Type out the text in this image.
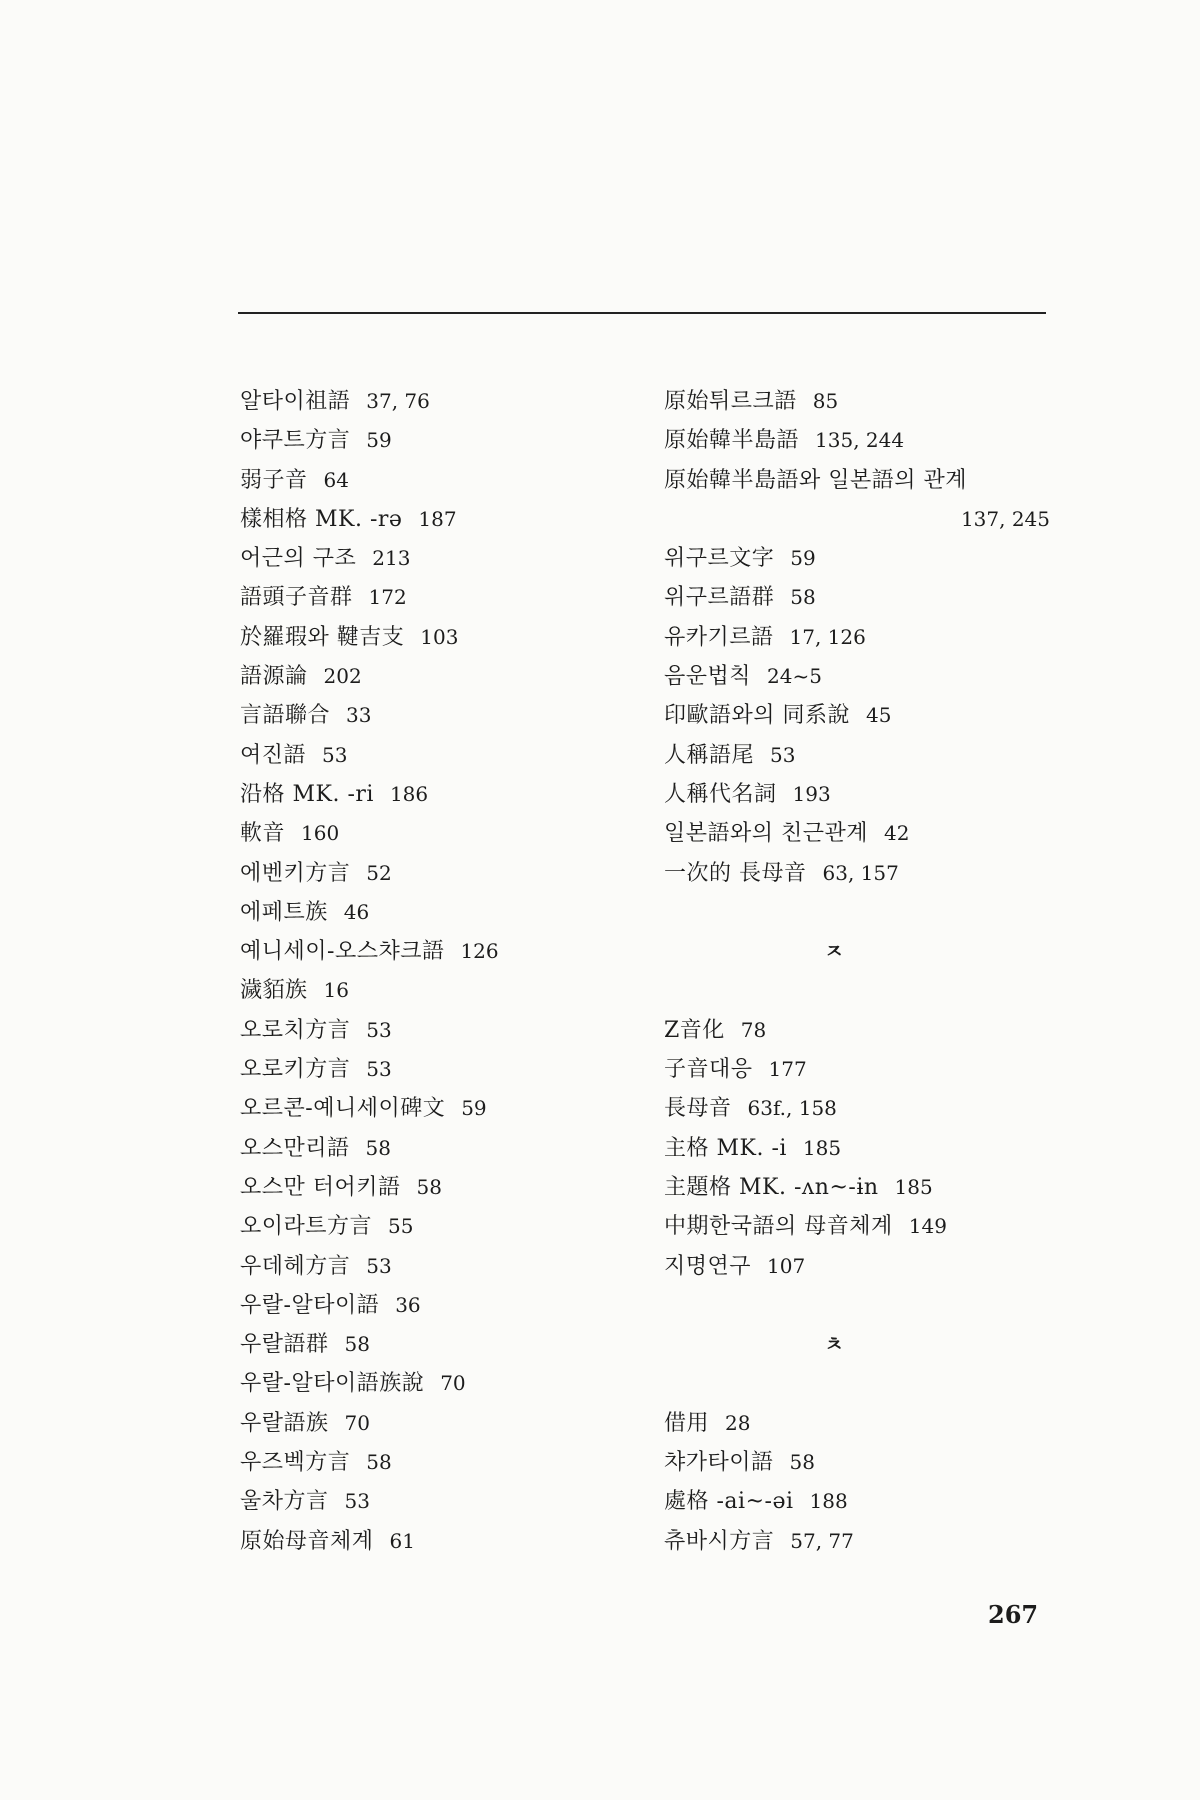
알타이祖語 37, 76
야쿠트方言 59
弱子音 64
樣相格 MK. -rə 187
어근의 구조 213
語頭子音群 172
於羅瑕와 鞬吉支 103
語源論 202
言語聯合 33
여진語 53
沿格 MK. -ri 186
軟音 160
에벤키方言 52
에페트族 46
예니세이-오스챠크語 126
濊貊族 16
오로치方言 53
오로키方言 53
오르콘-예니세이碑文 59
오스만리語 58
오스만 터어키語 58
오이라트方言 55
우데헤方言 53
우랄-알타이語 36
우랄語群 58
우랄-알타이語族說 70
우랄語族 70
우즈벡方言 58
울차方言 53
原始母音체계 61
原始튀르크語 85
原始韓半島語 135, 244
原始韓半島語와 일본語의 관계
137, 245
위구르文字 59
위구르語群 58
유카기르語 17, 126
음운법칙 24~5
印歐語와의 同系說 45
人稱語尾 53
人稱代名詞 193
일본語와의 친근관계 42
一次的 長母音 63, 157
ㅈ
Z音化 78
子音대응 177
長母音 63f., 158
主格 MK. -i 185
主題格 MK. -ʌn~-ɨn 185
中期한국語의 母音체계 149
지명연구 107
ㅊ
借用 28
챠가타이語 58
處格 -ai~-əi 188
츄바시方言 57, 77
267
